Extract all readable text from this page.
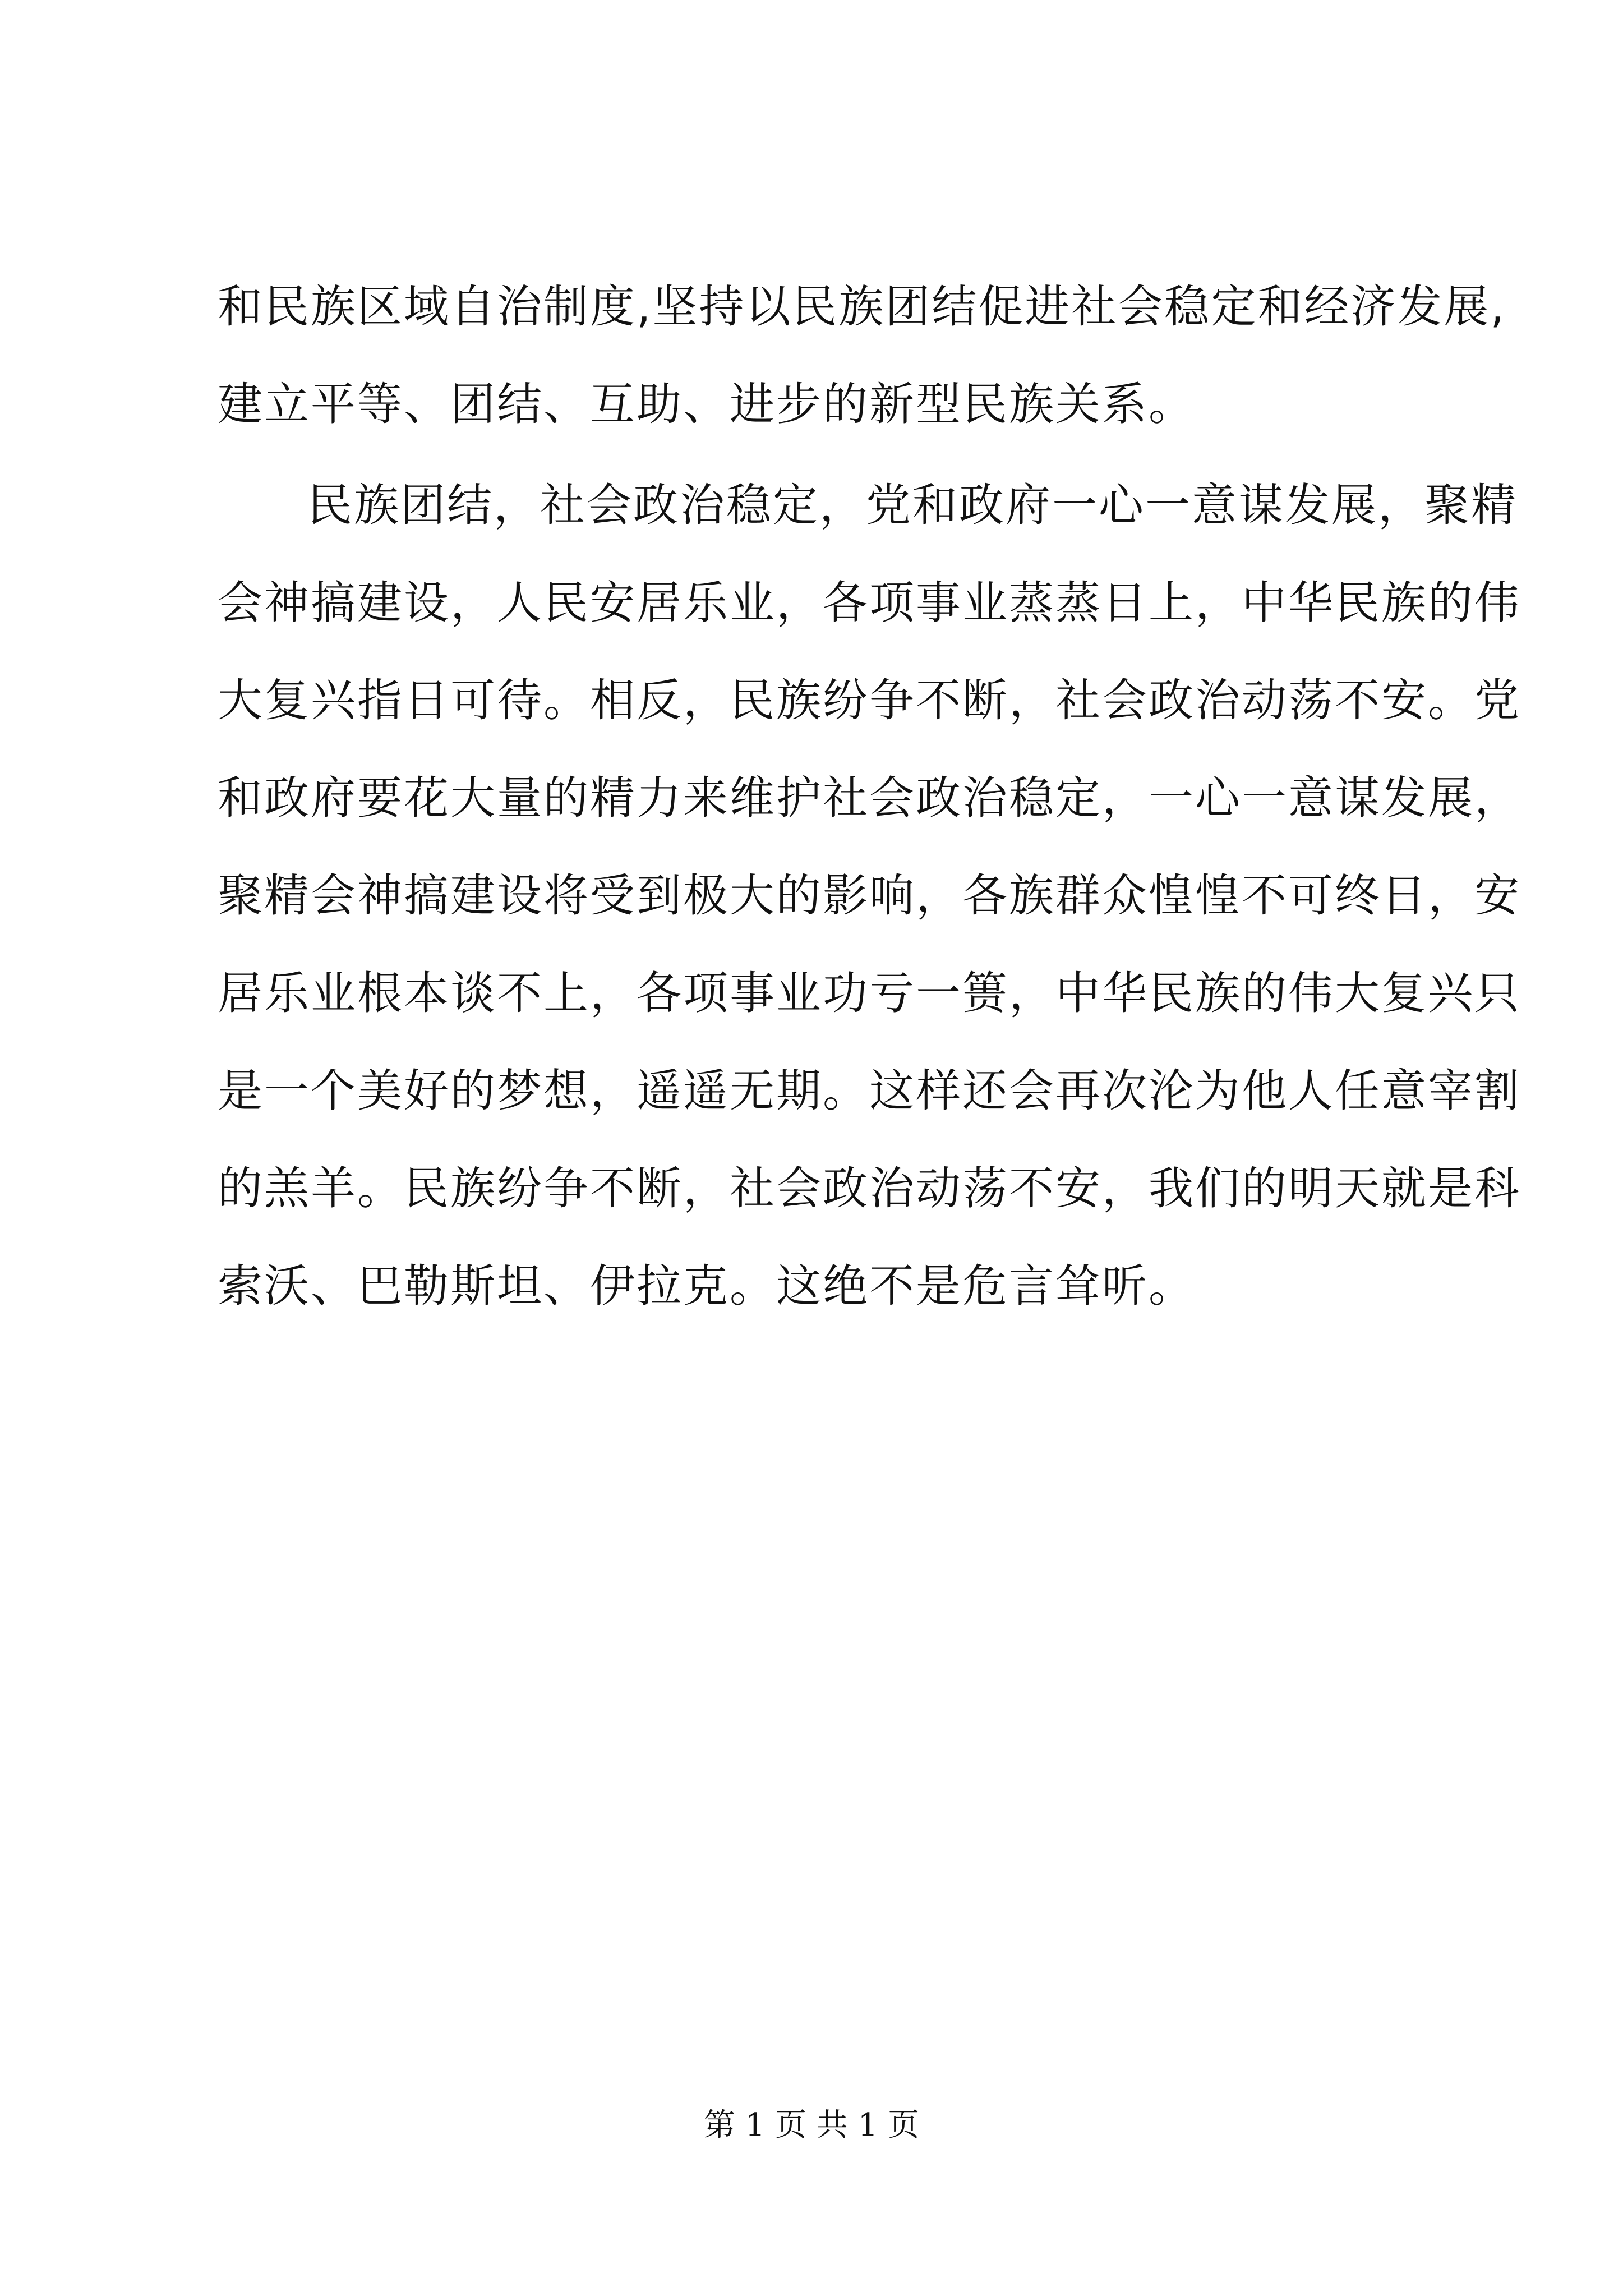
和民族区域自治制度,坚持以民族团结促进社会稳定和经济发展,
建立平等、团结、互助、进步的新型民族关系。
民族团结，社会政治稳定，党和政府一心一意谋发展，聚精
会神搞建设，人民安居乐业，各项事业蒸蒸日上，中华民族的伟
大复兴指日可待。相反，民族纷争不断，社会政治动荡不安。党
和政府要花大量的精力来维护社会政治稳定，一心一意谋发展，
聚精会神搞建设将受到极大的影响，各族群众惶惶不可终日，安
居乐业根本谈不上，各项事业功亏一篑，中华民族的伟大复兴只
是一个美好的梦想，遥遥无期。这样还会再次沦为他人任意宰割
的羔羊。民族纷争不断，社会政治动荡不安，我们的明天就是科
索沃、巴勒斯坦、伊拉克。这绝不是危言耸听。
第 1 页 共 1 页
